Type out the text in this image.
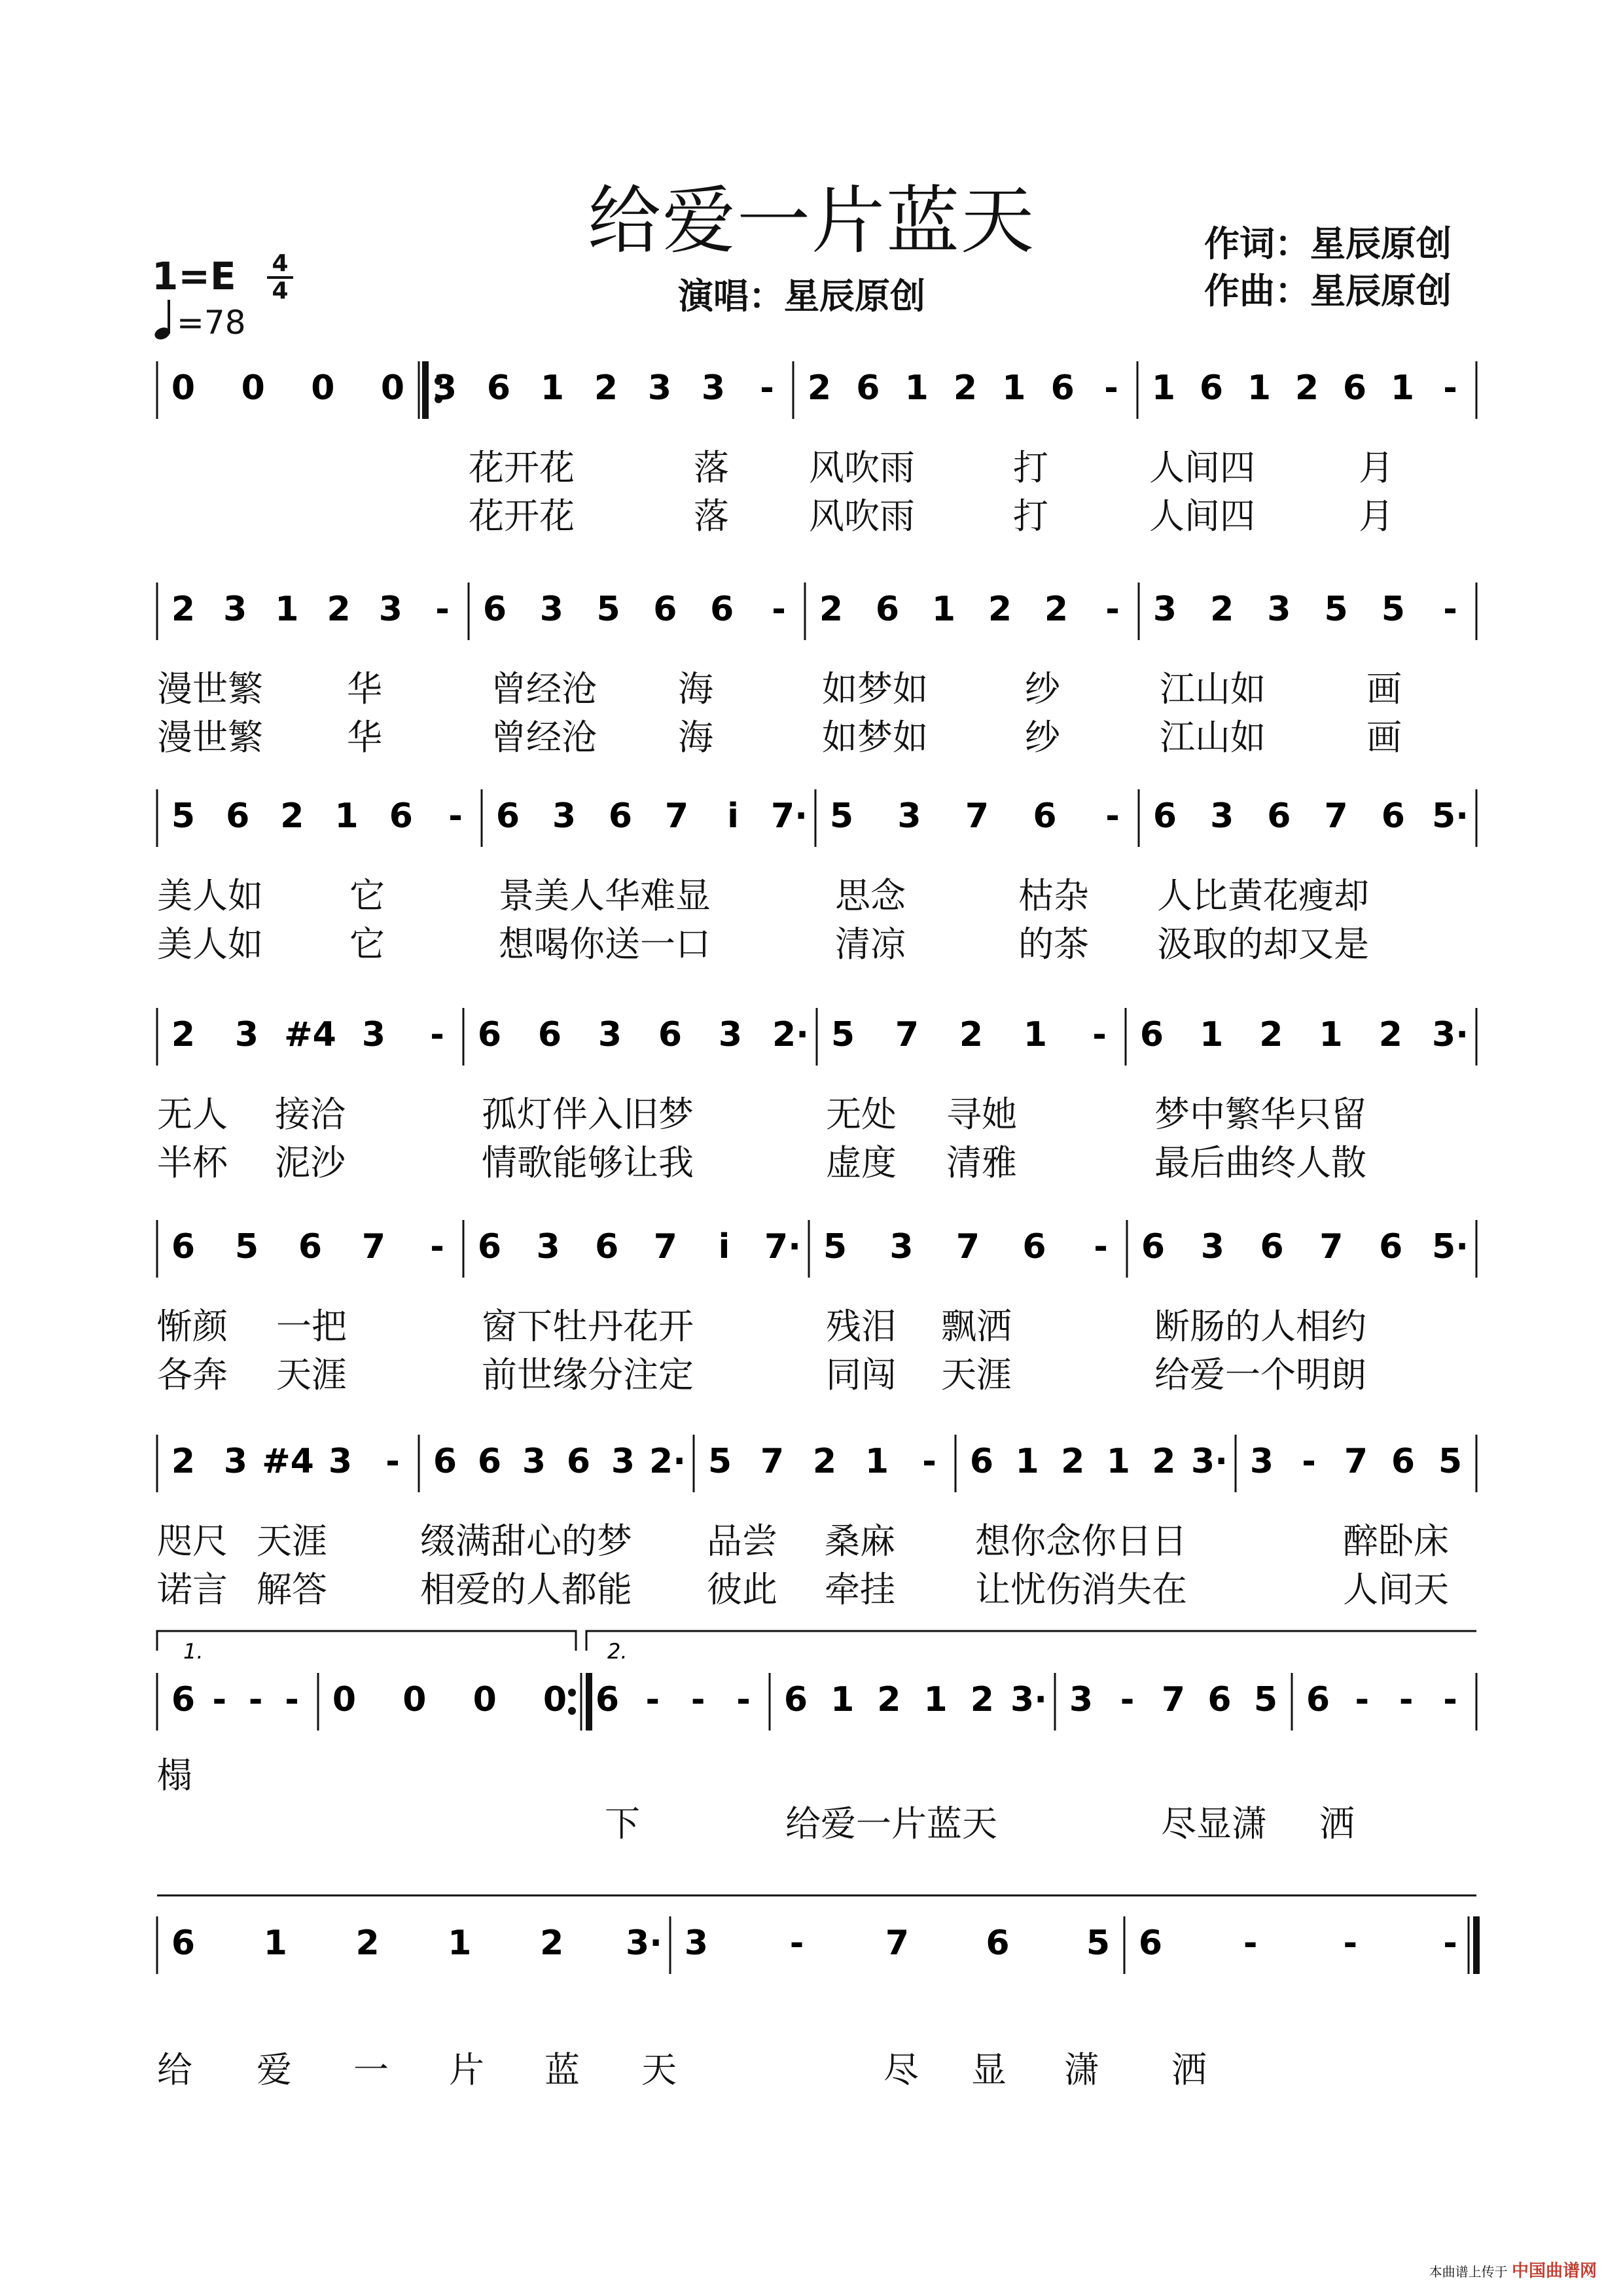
给爱一片蓝天	作词：星辰原创
作曲：星辰原创
演唱：星辰原创
1=E 4
4
=78
0 0 0 0 3 6 1 2 3 3 - 2 6 1 2 1 6 - 1 6 1 2 6 1 -
2 3 1 2 3 - 6 3 5 6 6 - 2 6 1 2 2 - 3 2 3 5 5 -
5 6 2 1 6 - 6 3 6 7 i 7· 5 3 7 6 - 6 3 6 7 6 5·
2 3 #4 3 - 6 6 3 6 3 2· 5 7 2 1 - 6 1 2 1 2 3·
6 5 6 7 - 6 3 6 7 i 7· 5 3 7 6 - 6 3 6 7 6 5·
2 3 #4 3 - 6 6 3 6 3 2· 5 7 2 1 - 6 1 2 1 2 3· 3 - 7 6 5
6 - - - 0 0 0 0 6 - - - 6 1 2 1 2 3· 3 - 7 6 5 6 - - -
1.	2.
6 1 2 1 2 3· 3 - 7 6 5 6 -	-	-
花开花	落 风吹雨	打	人间四	月
花开花	落 风吹雨	打	人间四	月
漫世繁 华	曾经沧 海	如梦如	纱	江山如	画
漫世繁 华	曾经沧 海	如梦如	纱	江山如	画
美人如 它	景美人华难显	思念	枯杂 人比黄花瘦却
美人如 它	想喝你送一口	清凉	的茶 汲取的却又是
无人 接洽	孤灯伴入旧梦	无处 寻她	梦中繁华只留
半杯 泥沙	情歌能够让我	虚度 清雅	最后曲终人散
惭颜 一把	窗下牡丹花开	残泪 飘洒	断肠的人相约
各奔 天涯	前世缘分注定	同闯 天涯	给爱一个明朗
咫尺 天涯	缀满甜心的梦 品尝 桑麻 想你念你日日	醉卧床
诺言 解答	相爱的人都能 彼此 牵挂 让忧伤消失在	人间天
榻
下	给爱一片蓝天	尽显潇 洒
给 爱 一 片 蓝 天	尽 显 潇 洒
本曲谱上传于 中国曲谱网
